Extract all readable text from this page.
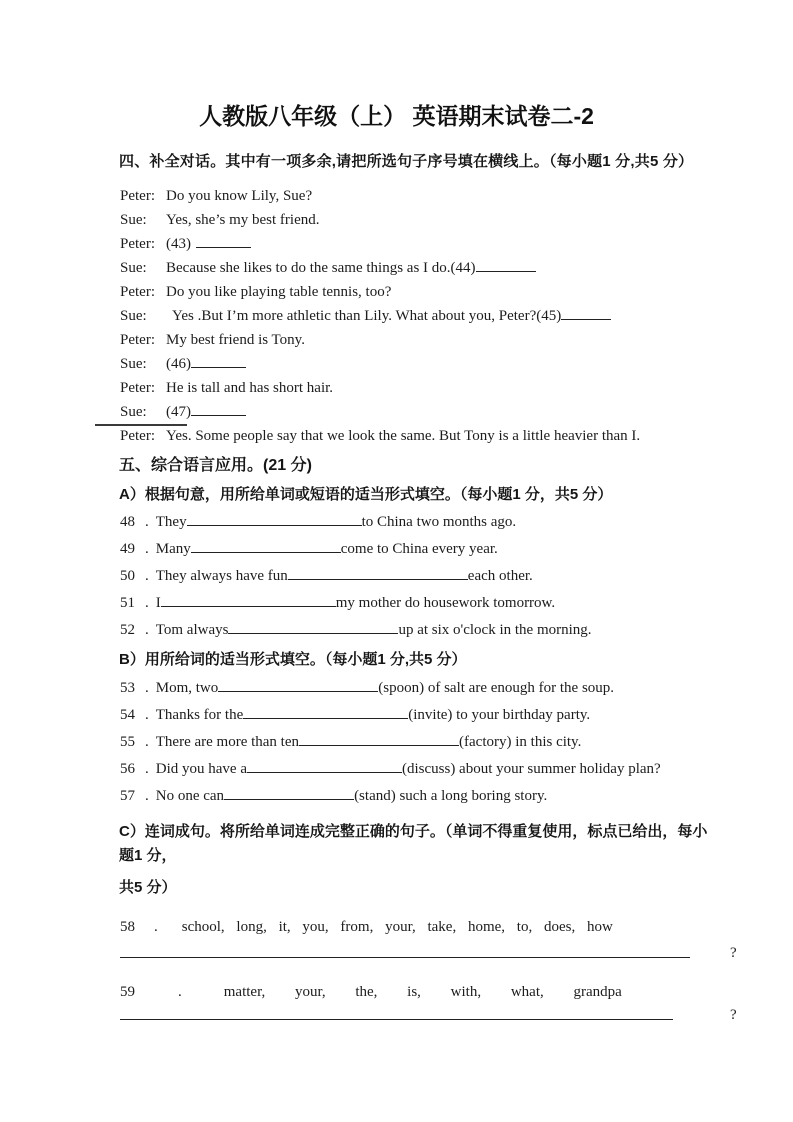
人教版八年级（上） 英语期末试卷二-2
四、补全对话。其中有一项多余,请把所选句子序号填在横线上。（每小题1 分,共5 分）
Peter: Do you know Lily, Sue?
Sue: Yes, she’s my best friend.
Peter: (43)
Sue: Because she likes to do the same things as I do.(44)
Peter: Do you like playing table tennis, too?
Sue: Yes .But I’m more athletic than Lily. What about you, Peter?(45)
Peter: My best friend is Tony.
Sue: (46)
Peter: He is tall and has short hair.
Sue: (47)
Peter: Yes. Some people say that we look the same. But Tony is a little heavier than I.
五、综合语言应用。(21 分)
A）根据句意，用所给单词或短语的适当形式填空。（每小题1 分，共5 分）
48 . They	to China two months ago.
49 . Many	come to China every year.
50 . They always have fun	each other.
51 . I	my mother do housework tomorrow.
52 . Tom always	up at six o'clock in the morning.
B）用所给词的适当形式填空。（每小题1 分,共5 分）
53 . Mom, two	(spoon) of salt are enough for the soup.
54 . Thanks for the	(invite) to your birthday party.
55 . There are more than ten	(factory) in this city.
56 . Did you have a	(discuss) about your summer holiday plan?
57 . No one can	(stand) such a long boring story.
C）连词成句。将所给单词连成完整正确的句子。（单词不得重复使用，标点已给出，每小
题1 分，
共5 分）
58 . school, long, it, you, from, your, take, home, to, does, how
?
59	.	matter, your, the, is, with, what, grandpa
?
